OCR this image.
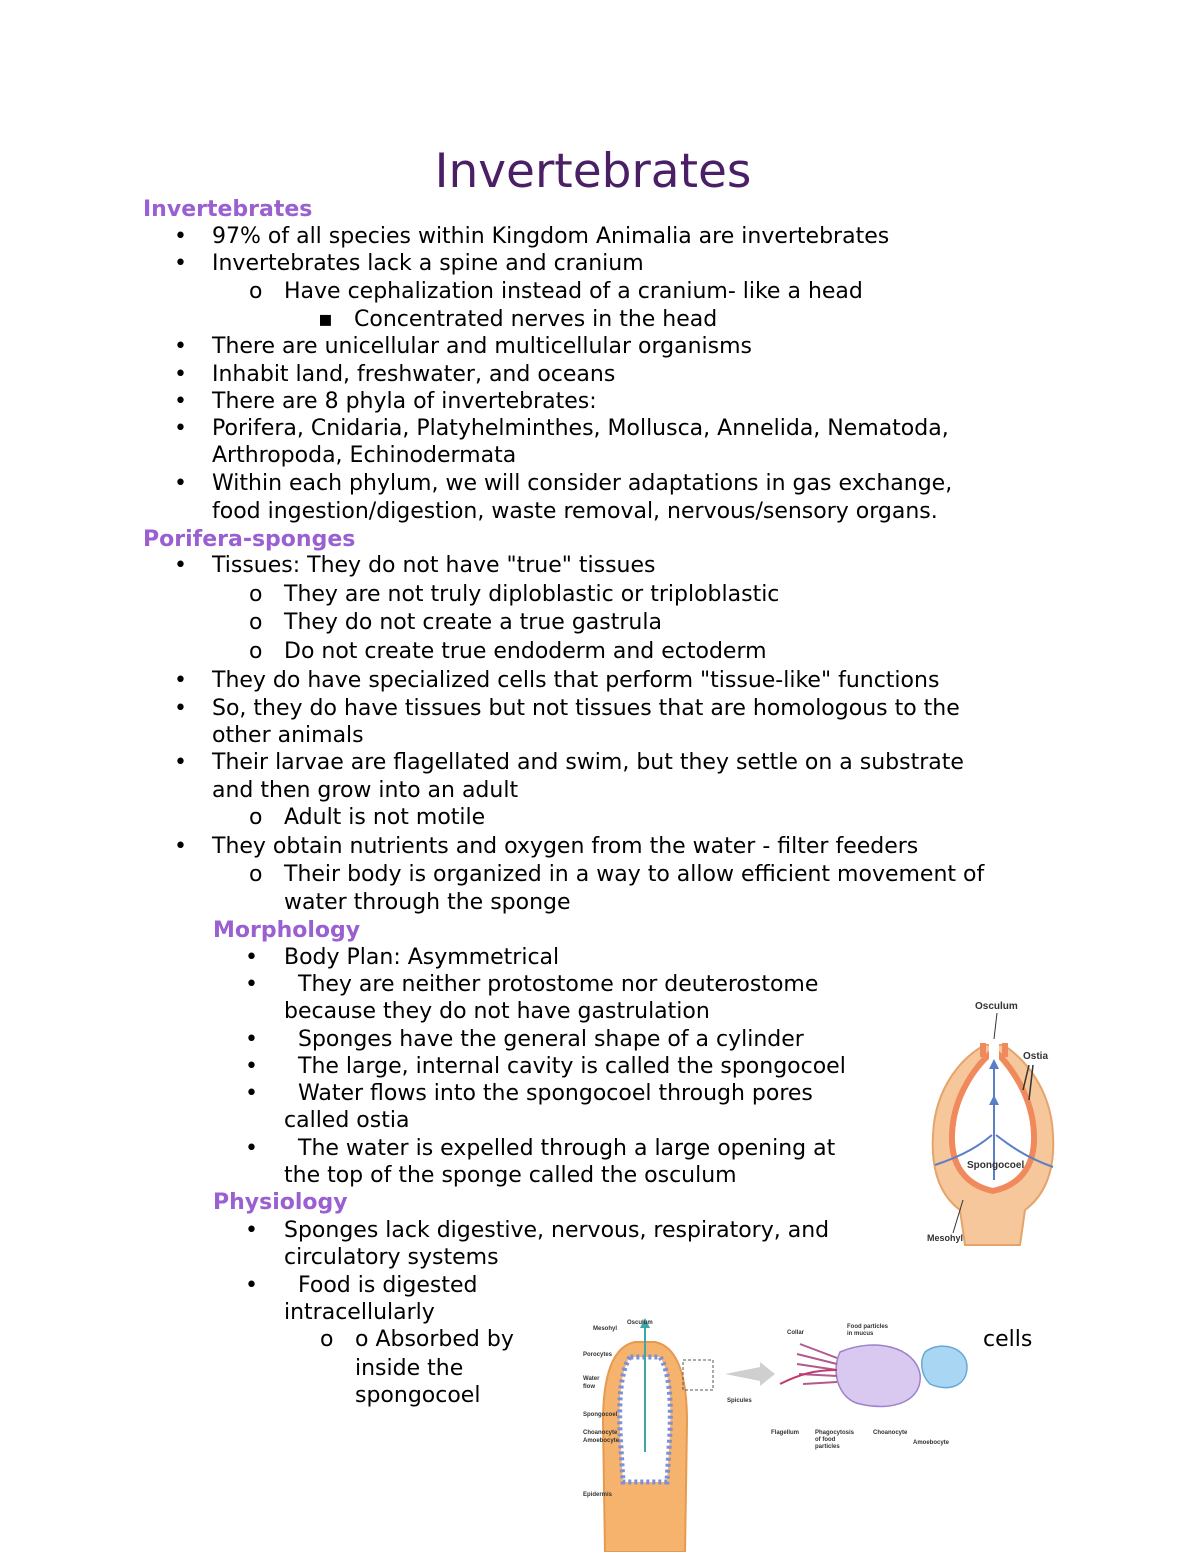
Invertebrates
Invertebrates
• 97% of all species within Kingdom Animalia are invertebrates
• Invertebrates lack a spine and cranium
o Have cephalization instead of a cranium- like a head
▪ Concentrated nerves in the head
• There are unicellular and multicellular organisms
• Inhabit land, freshwater, and oceans
• There are 8 phyla of invertebrates:
• Porifera, Cnidaria, Platyhelminthes, Mollusca, Annelida, Nematoda,
Arthropoda, Echinodermata
• Within each phylum, we will consider adaptations in gas exchange,
food ingestion/digestion, waste removal, nervous/sensory organs.
Porifera-sponges
• Tissues: They do not have "true" tissues
o They are not truly diploblastic or triploblastic
o They do not create a true gastrula
o Do not create true endoderm and ectoderm
• They do have specialized cells that perform "tissue-like" functions
• So, they do have tissues but not tissues that are homologous to the
other animals
• Their larvae are flagellated and swim, but they settle on a substrate
and then grow into an adult
o Adult is not motile
• They obtain nutrients and oxygen from the water - filter feeders
o Their body is organized in a way to allow efficient movement of
water through the sponge
Morphology
• Body Plan: Asymmetrical
• They are neither protostome nor deuterostome
because they do not have gastrulation
• Sponges have the general shape of a cylinder
• The large, internal cavity is called the spongocoel
• Water flows into the spongocoel through pores
called ostia
• The water is expelled through a large opening at
the top of the sponge called the osculum
Physiology
• Sponges lack digestive, nervous, respiratory, and
circulatory systems
• Food is digested
intracellularly
o o Absorbed by	cells
inside the
spongocoel
Osculum
Ostia
Spongocoel
Mesohyl
Osculum
Mesohyl
Porocytes
Water
flow
Spongocoel
Choanocyte
Amoebocyte
Epidermis
Spicules
Collar
Food particles
in mucus
Flagellum	Phagocytosis
of food
particles
Choanocyte
Amoebocyte
